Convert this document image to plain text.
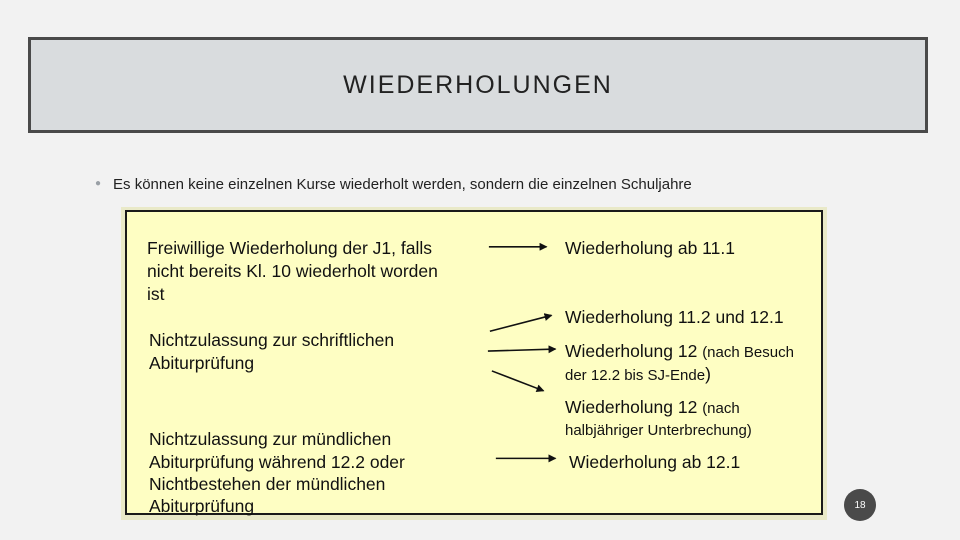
WIEDERHOLUNGEN
● Es können keine einzelnen Kurse wiederholt werden, sondern die einzelnen Schuljahre
Freiwillige Wiederholung der J1, falls
nicht bereits Kl. 10 wiederholt worden
ist
Nichtzulassung zur schriftlichen
Abiturprüfung
Nichtzulassung zur mündlichen
Abiturprüfung während 12.2 oder
Nichtbestehen der mündlichen
Abiturprüfung
Wiederholung ab 11.1
Wiederholung 11.2 und 12.1
Wiederholung 12 (nach Besuch
der 12.2 bis SJ-Ende)
Wiederholung 12 (nach
halbjähriger Unterbrechung)
Wiederholung ab 12.1
18
